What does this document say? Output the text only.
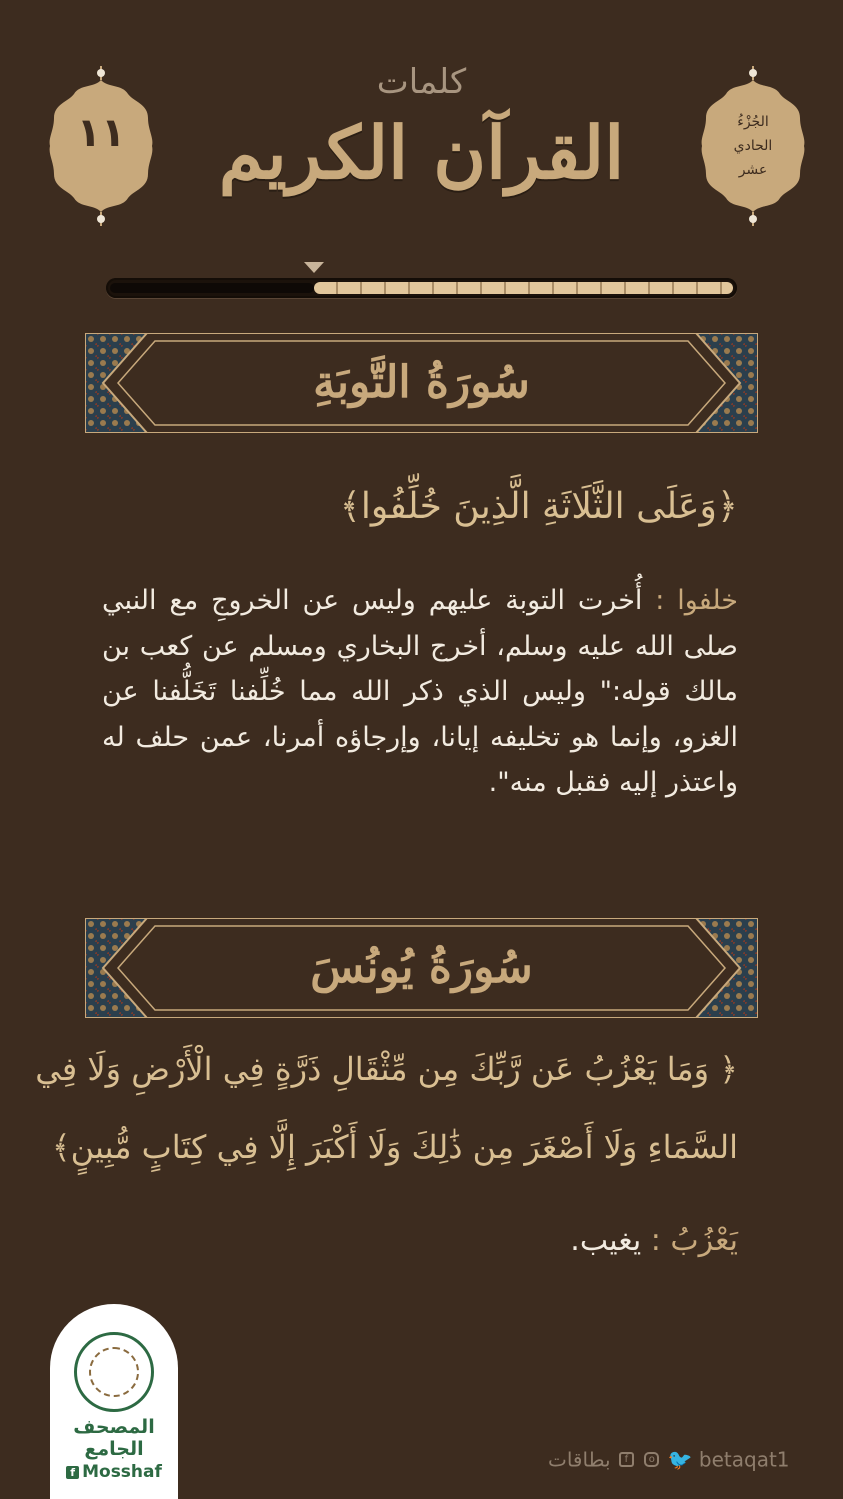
١١	الجُزْءُ
الحادي
عشر
كلمات
القرآن الكريم
سُورَةُ التَّوبَةِ
﴿وَعَلَى الثَّلَاثَةِ الَّذِينَ خُلِّفُوا﴾
خلفوا : أُخرت التوبة عليهم وليس عن الخروجِ مع النبي صلى الله عليه وسلم، أخرج البخاري ومسلم عن كعب بن مالك قوله:" وليس الذي ذكر الله مما خُلِّفنا تَخَلُّفنا عن الغزو، وإنما هو تخليفه إيانا، وإرجاؤه أمرنا، عمن حلف له واعتذر إليه فقبل منه".
سُورَةُ يُونُسَ
﴿ وَمَا يَعْزُبُ عَن رَّبِّكَ مِن مِّثْقَالِ ذَرَّةٍ فِي الْأَرْضِ وَلَا فِي
السَّمَاءِ وَلَا أَصْغَرَ مِن ذَٰلِكَ وَلَا أَكْبَرَ إِلَّا فِي كِتَابٍ مُّبِينٍ﴾
يَعْزُبُ : يغيب.
المصحف
الجامع
f Mosshaf
بطاقات f o 🐦 betaqat1
